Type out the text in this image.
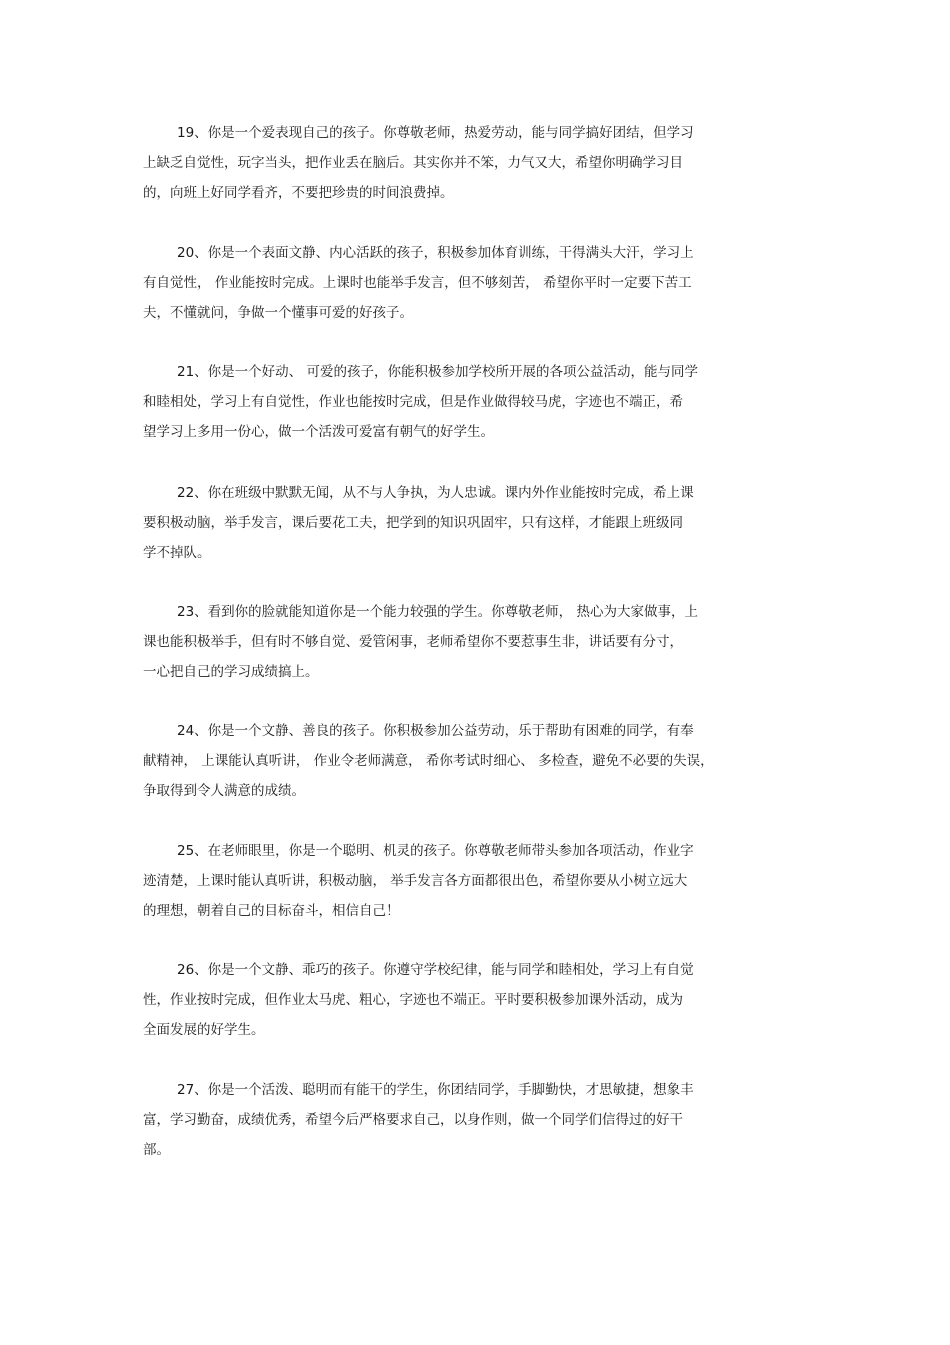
19、你是一个爱表现自己的孩子。你尊敬老师，热爱劳动，能与同学搞好团结，但学习
上缺乏自觉性，玩字当头，把作业丢在脑后。其实你并不笨，力气又大，希望你明确学习目
的，向班上好同学看齐，不要把珍贵的时间浪费掉。
20、你是一个表面文静、内心活跃的孩子，积极参加体育训练，干得满头大汗，学习上
有自觉性， 作业能按时完成。上课时也能举手发言，但不够刻苦， 希望你平时一定要下苦工
夫，不懂就问，争做一个懂事可爱的好孩子。
21、你是一个好动、 可爱的孩子，你能积极参加学校所开展的各项公益活动，能与同学
和睦相处，学习上有自觉性，作业也能按时完成，但是作业做得较马虎，字迹也不端正，希
望学习上多用一份心，做一个活泼可爱富有朝气的好学生。
22、你在班级中默默无闻，从不与人争执，为人忠诚。课内外作业能按时完成，希上课
要积极动脑，举手发言，课后要花工夫，把学到的知识巩固牢，只有这样，才能跟上班级同
学不掉队。
23、看到你的脸就能知道你是一个能力较强的学生。你尊敬老师， 热心为大家做事，上
课也能积极举手，但有时不够自觉、爱管闲事，老师希望你不要惹事生非，讲话要有分寸，
一心把自己的学习成绩搞上。
24、你是一个文静、善良的孩子。你积极参加公益劳动，乐于帮助有困难的同学，有奉
献精神， 上课能认真听讲， 作业令老师满意， 希你考试时细心、 多检查，避免不必要的失误，
争取得到令人满意的成绩。
25、在老师眼里，你是一个聪明、机灵的孩子。你尊敬老师带头参加各项活动，作业字
迹清楚，上课时能认真听讲，积极动脑， 举手发言各方面都很出色，希望你要从小树立远大
的理想，朝着自己的目标奋斗，相信自己！
26、你是一个文静、乖巧的孩子。你遵守学校纪律，能与同学和睦相处，学习上有自觉
性，作业按时完成，但作业太马虎、粗心，字迹也不端正。平时要积极参加课外活动，成为
全面发展的好学生。
27、你是一个活泼、聪明而有能干的学生，你团结同学，手脚勤快，才思敏捷，想象丰
富，学习勤奋，成绩优秀，希望今后严格要求自己，以身作则，做一个同学们信得过的好干
部。
